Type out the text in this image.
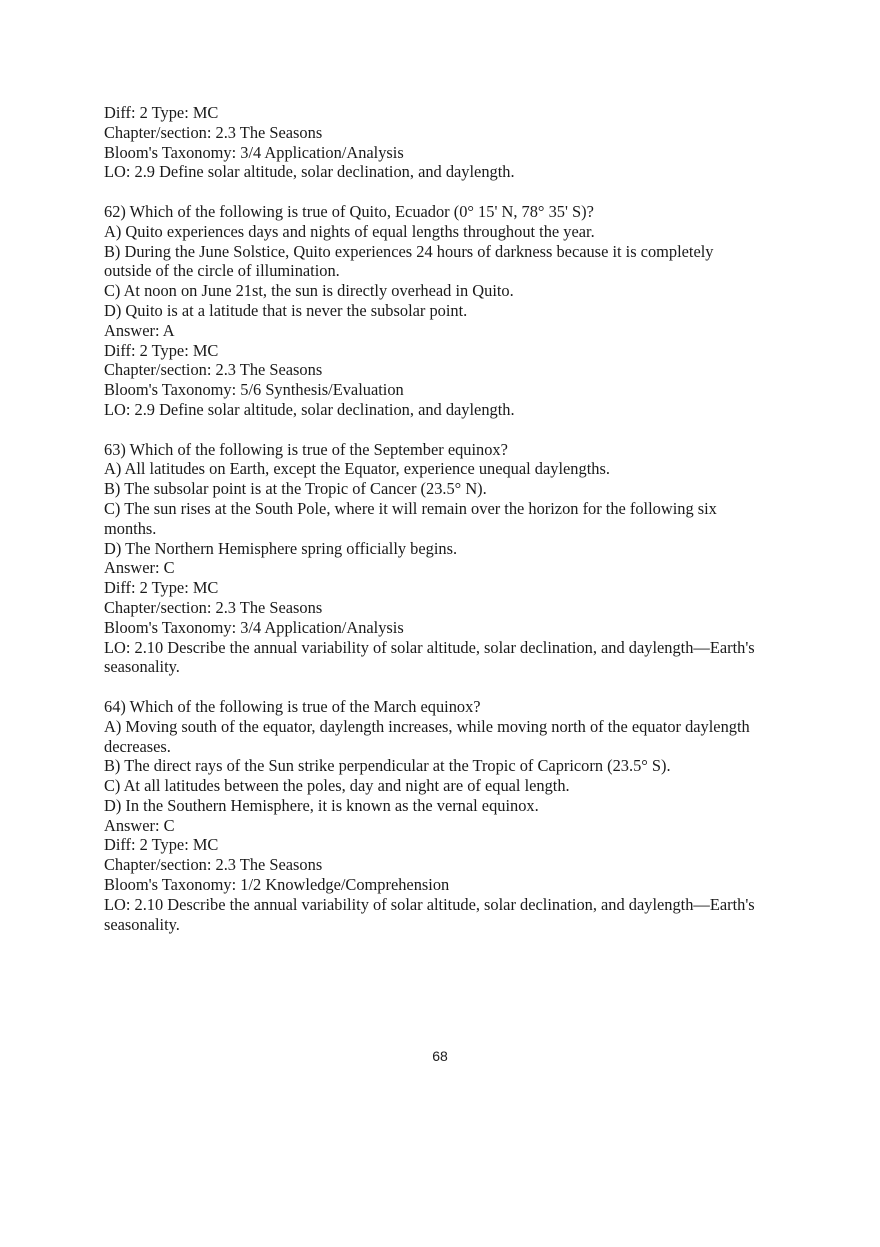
Diff: 2 Type: MC
Chapter/section: 2.3 The Seasons
Bloom's Taxonomy: 3/4 Application/Analysis
LO: 2.9 Define solar altitude, solar declination, and daylength.
62) Which of the following is true of Quito, Ecuador (0° 15' N, 78° 35' S)?
A) Quito experiences days and nights of equal lengths throughout the year.
B) During the June Solstice, Quito experiences 24 hours of darkness because it is completely outside of the circle of illumination.
C) At noon on June 21st, the sun is directly overhead in Quito.
D) Quito is at a latitude that is never the subsolar point.
Answer: A
Diff: 2 Type: MC
Chapter/section: 2.3 The Seasons
Bloom's Taxonomy: 5/6 Synthesis/Evaluation
LO: 2.9 Define solar altitude, solar declination, and daylength.
63) Which of the following is true of the September equinox?
A) All latitudes on Earth, except the Equator, experience unequal daylengths.
B) The subsolar point is at the Tropic of Cancer (23.5° N).
C) The sun rises at the South Pole, where it will remain over the horizon for the following six months.
D) The Northern Hemisphere spring officially begins.
Answer: C
Diff: 2 Type: MC
Chapter/section: 2.3 The Seasons
Bloom's Taxonomy: 3/4 Application/Analysis
LO: 2.10 Describe the annual variability of solar altitude, solar declination, and daylength—Earth's seasonality.
64) Which of the following is true of the March equinox?
A) Moving south of the equator, daylength increases, while moving north of the equator daylength decreases.
B) The direct rays of the Sun strike perpendicular at the Tropic of Capricorn (23.5° S).
C) At all latitudes between the poles, day and night are of equal length.
D) In the Southern Hemisphere, it is known as the vernal equinox.
Answer: C
Diff: 2 Type: MC
Chapter/section: 2.3 The Seasons
Bloom's Taxonomy: 1/2 Knowledge/Comprehension
LO: 2.10 Describe the annual variability of solar altitude, solar declination, and daylength—Earth's seasonality.
68
